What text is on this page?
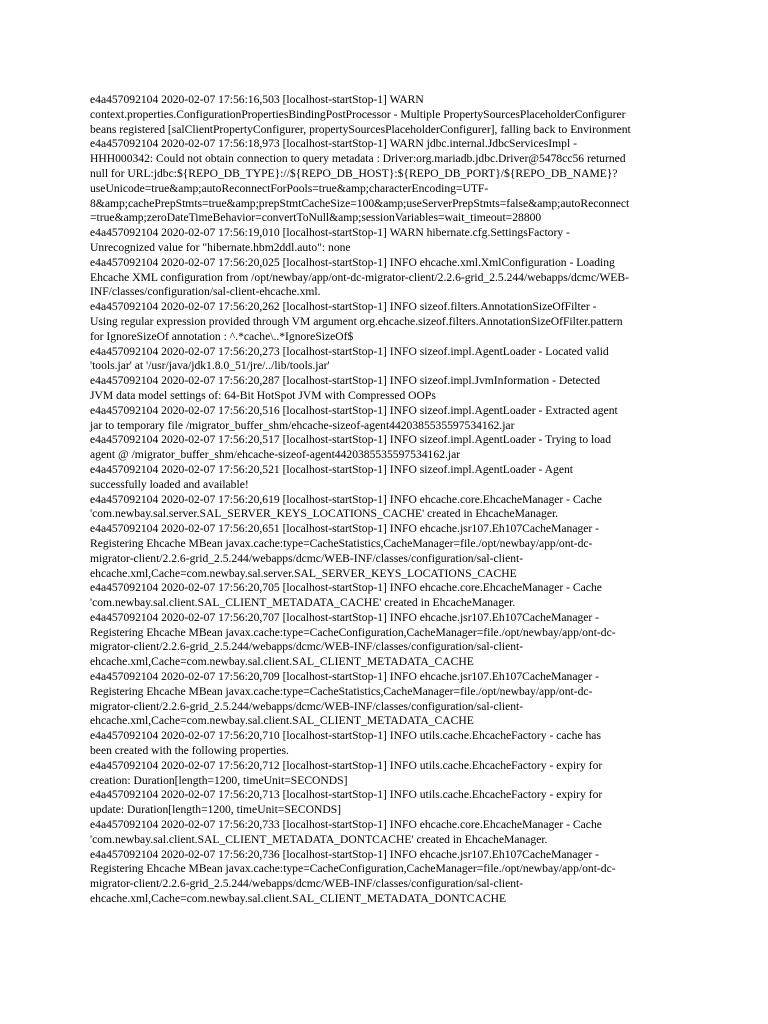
e4a457092104 2020-02-07 17:56:16,503 [localhost-startStop-1] WARN
context.properties.ConfigurationPropertiesBindingPostProcessor - Multiple PropertySourcesPlaceholderConfigurer
beans registered [salClientPropertyConfigurer, propertySourcesPlaceholderConfigurer], falling back to Environment

e4a457092104 2020-02-07 17:56:18,973 [localhost-startStop-1] WARN jdbc.internal.JdbcServicesImpl -
HHH000342: Could not obtain connection to query metadata : Driver:org.mariadb.jdbc.Driver@5478cc56 returned
null for URL:jdbc:${REPO_DB_TYPE}://${REPO_DB_HOST}:${REPO_DB_PORT}/${REPO_DB_NAME}?
useUnicode=true&amp;autoReconnectForPools=true&amp;characterEncoding=UTF-
8&amp;cachePrepStmts=true&amp;prepStmtCacheSize=100&amp;useServerPrepStmts=false&amp;autoReconnect
=true&amp;zeroDateTimeBehavior=convertToNull&amp;sessionVariables=wait_timeout=28800

e4a457092104 2020-02-07 17:56:19,010 [localhost-startStop-1] WARN hibernate.cfg.SettingsFactory -
Unrecognized value for "hibernate.hbm2ddl.auto": none

e4a457092104 2020-02-07 17:56:20,025 [localhost-startStop-1] INFO ehcache.xml.XmlConfiguration - Loading
Ehcache XML configuration from /opt/newbay/app/ont-dc-migrator-client/2.2.6-grid_2.5.244/webapps/dcmc/WEB-
INF/classes/configuration/sal-client-ehcache.xml.

e4a457092104 2020-02-07 17:56:20,262 [localhost-startStop-1] INFO sizeof.filters.AnnotationSizeOfFilter -
Using regular expression provided through VM argument org.ehcache.sizeof.filters.AnnotationSizeOfFilter.pattern
for IgnoreSizeOf annotation : ^.*cache\..*IgnoreSizeOf$

e4a457092104 2020-02-07 17:56:20,273 [localhost-startStop-1] INFO sizeof.impl.AgentLoader - Located valid
'tools.jar' at '/usr/java/jdk1.8.0_51/jre/../lib/tools.jar'

e4a457092104 2020-02-07 17:56:20,287 [localhost-startStop-1] INFO sizeof.impl.JvmInformation - Detected
JVM data model settings of: 64-Bit HotSpot JVM with Compressed OOPs

e4a457092104 2020-02-07 17:56:20,516 [localhost-startStop-1] INFO sizeof.impl.AgentLoader - Extracted agent
jar to temporary file /migrator_buffer_shm/ehcache-sizeof-agent4420385535597534162.jar

e4a457092104 2020-02-07 17:56:20,517 [localhost-startStop-1] INFO sizeof.impl.AgentLoader - Trying to load
agent @ /migrator_buffer_shm/ehcache-sizeof-agent4420385535597534162.jar

e4a457092104 2020-02-07 17:56:20,521 [localhost-startStop-1] INFO sizeof.impl.AgentLoader - Agent
successfully loaded and available!

e4a457092104 2020-02-07 17:56:20,619 [localhost-startStop-1] INFO ehcache.core.EhcacheManager - Cache
'com.newbay.sal.server.SAL_SERVER_KEYS_LOCATIONS_CACHE' created in EhcacheManager.

e4a457092104 2020-02-07 17:56:20,651 [localhost-startStop-1] INFO ehcache.jsr107.Eh107CacheManager -
Registering Ehcache MBean javax.cache:type=CacheStatistics,CacheManager=file./opt/newbay/app/ont-dc-
migrator-client/2.2.6-grid_2.5.244/webapps/dcmc/WEB-INF/classes/configuration/sal-client-
ehcache.xml,Cache=com.newbay.sal.server.SAL_SERVER_KEYS_LOCATIONS_CACHE

e4a457092104 2020-02-07 17:56:20,705 [localhost-startStop-1] INFO ehcache.core.EhcacheManager - Cache
'com.newbay.sal.client.SAL_CLIENT_METADATA_CACHE' created in EhcacheManager.

e4a457092104 2020-02-07 17:56:20,707 [localhost-startStop-1] INFO ehcache.jsr107.Eh107CacheManager -
Registering Ehcache MBean javax.cache:type=CacheConfiguration,CacheManager=file./opt/newbay/app/ont-dc-
migrator-client/2.2.6-grid_2.5.244/webapps/dcmc/WEB-INF/classes/configuration/sal-client-
ehcache.xml,Cache=com.newbay.sal.client.SAL_CLIENT_METADATA_CACHE

e4a457092104 2020-02-07 17:56:20,709 [localhost-startStop-1] INFO ehcache.jsr107.Eh107CacheManager -
Registering Ehcache MBean javax.cache:type=CacheStatistics,CacheManager=file./opt/newbay/app/ont-dc-
migrator-client/2.2.6-grid_2.5.244/webapps/dcmc/WEB-INF/classes/configuration/sal-client-
ehcache.xml,Cache=com.newbay.sal.client.SAL_CLIENT_METADATA_CACHE

e4a457092104 2020-02-07 17:56:20,710 [localhost-startStop-1] INFO utils.cache.EhcacheFactory - cache has
been created with the following properties.

e4a457092104 2020-02-07 17:56:20,712 [localhost-startStop-1] INFO utils.cache.EhcacheFactory - expiry for
creation: Duration[length=1200, timeUnit=SECONDS]

e4a457092104 2020-02-07 17:56:20,713 [localhost-startStop-1] INFO utils.cache.EhcacheFactory - expiry for
update: Duration[length=1200, timeUnit=SECONDS]

e4a457092104 2020-02-07 17:56:20,733 [localhost-startStop-1] INFO ehcache.core.EhcacheManager - Cache
'com.newbay.sal.client.SAL_CLIENT_METADATA_DONTCACHE' created in EhcacheManager.

e4a457092104 2020-02-07 17:56:20,736 [localhost-startStop-1] INFO ehcache.jsr107.Eh107CacheManager -
Registering Ehcache MBean javax.cache:type=CacheConfiguration,CacheManager=file./opt/newbay/app/ont-dc-
migrator-client/2.2.6-grid_2.5.244/webapps/dcmc/WEB-INF/classes/configuration/sal-client-
ehcache.xml,Cache=com.newbay.sal.client.SAL_CLIENT_METADATA_DONTCACHE
